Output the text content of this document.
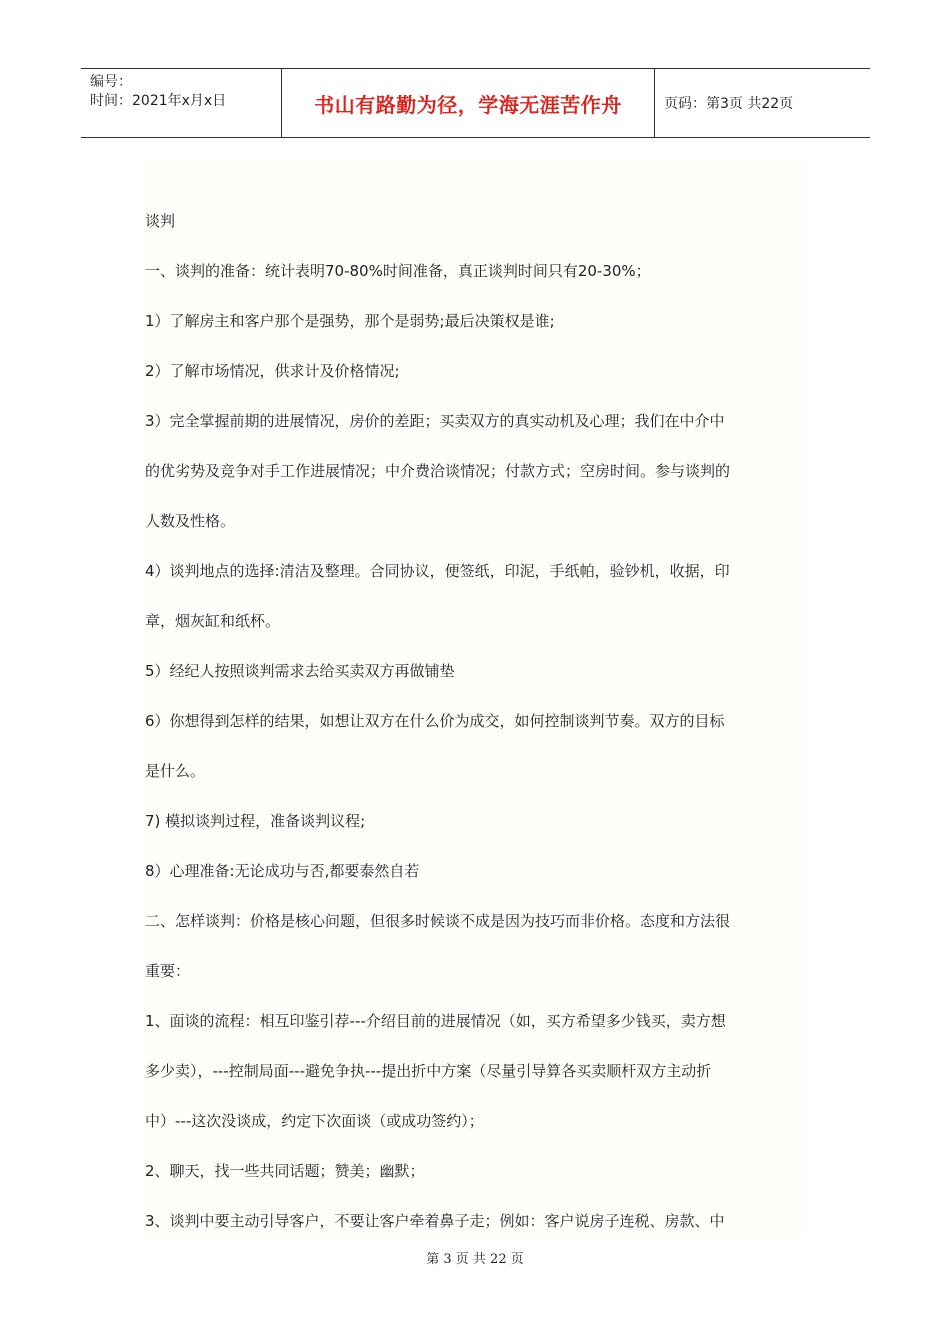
编号：
时间：2021年x月x日	书山有路勤为径，学海无涯苦作舟	页码：第3页 共22页
谈判
一、谈判的准备：统计表明70-80%时间准备，真正谈判时间只有20-30%；
1）了解房主和客户那个是强势，那个是弱势;最后决策权是谁;
2）了解市场情况，供求计及价格情况;
3）完全掌握前期的进展情况，房价的差距；买卖双方的真实动机及心理；我们在中介中
的优劣势及竞争对手工作进展情况；中介费洽谈情况；付款方式；空房时间。参与谈判的
人数及性格。
4）谈判地点的选择:清洁及整理。合同协议，便签纸，印泥，手纸帕，验钞机，收据，印
章，烟灰缸和纸杯。
5）经纪人按照谈判需求去给买卖双方再做铺垫
6）你想得到怎样的结果，如想让双方在什么价为成交，如何控制谈判节奏。双方的目标
是什么。
7) 模拟谈判过程，准备谈判议程;
8）心理准备:无论成功与否,都要泰然自若
二、怎样谈判：价格是核心问题，但很多时候谈不成是因为技巧而非价格。态度和方法很
重要：
1、面谈的流程：相互印鉴引荐---介绍目前的进展情况（如，买方希望多少钱买，卖方想
多少卖），---控制局面---避免争执---提出折中方案（尽量引导算各买卖顺杆双方主动折
中）---这次没谈成，约定下次面谈（或成功签约）；
2、聊天，找一些共同话题；赞美；幽默；
3、谈判中要主动引导客户，不要让客户牵着鼻子走；例如：客户说房子连税、房款、中
第 3 页 共 22 页
